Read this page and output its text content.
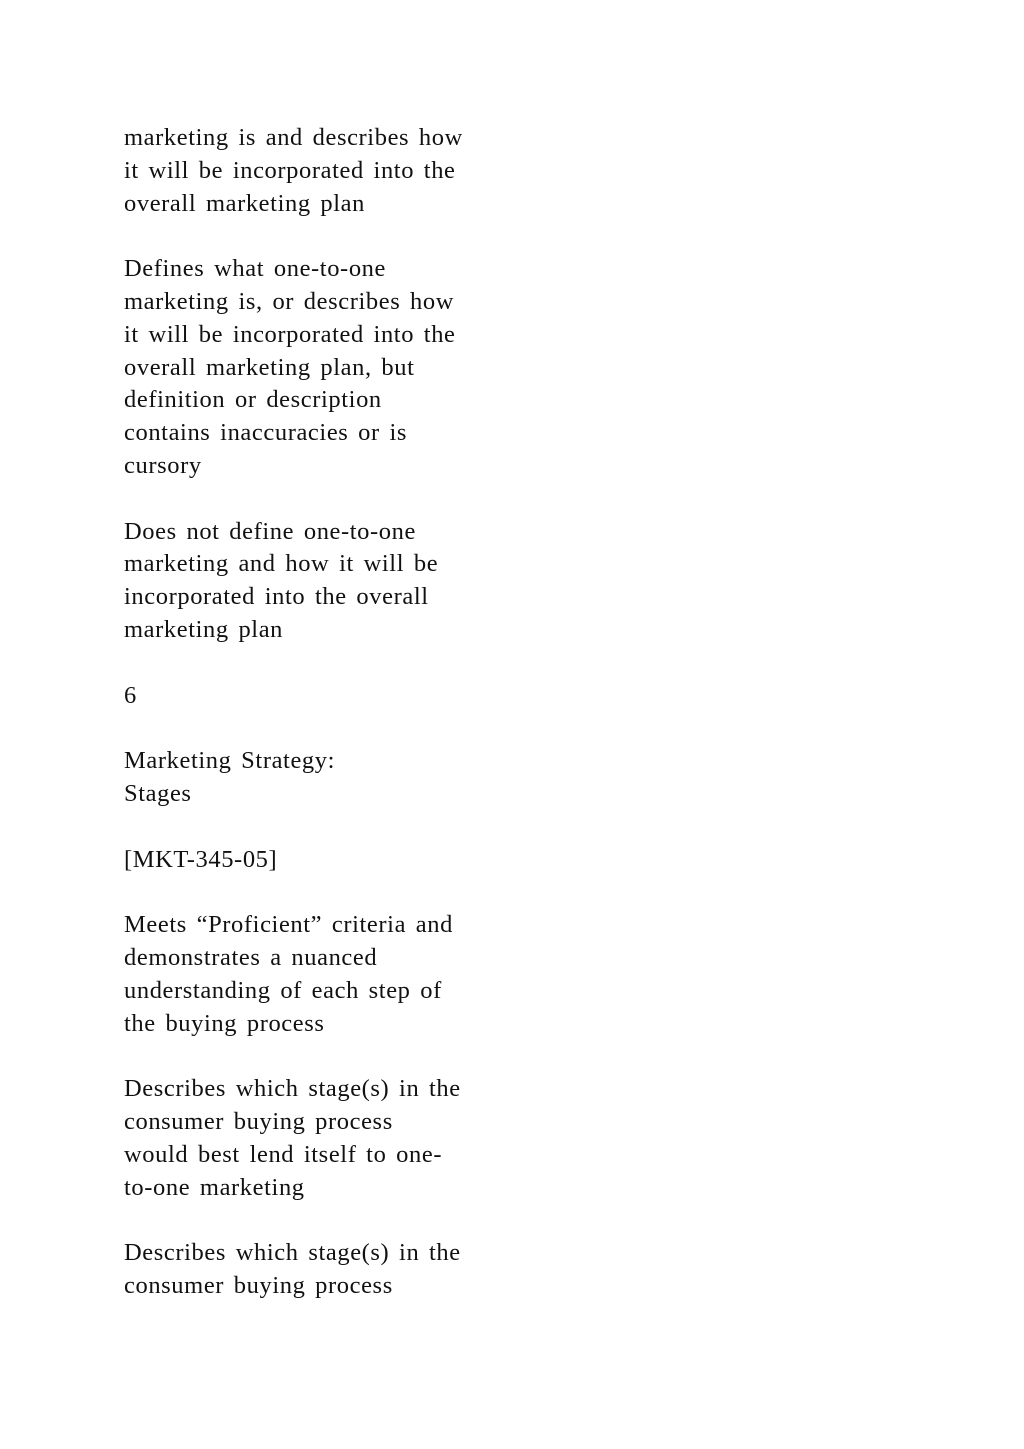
marketing is and describes how
it will be incorporated into the
overall marketing plan

Defines what one-to-one
marketing is, or describes how
it will be incorporated into the
overall marketing plan, but
definition or description
contains inaccuracies or is
cursory

Does not define one-to-one
marketing and how it will be
incorporated into the overall
marketing plan

6

Marketing Strategy:
Stages

[MKT-345-05]

Meets “Proficient” criteria and
demonstrates a nuanced
understanding of each step of
the buying process

Describes which stage(s) in the
consumer buying process
would best lend itself to one-
to-one marketing

Describes which stage(s) in the
consumer buying process
